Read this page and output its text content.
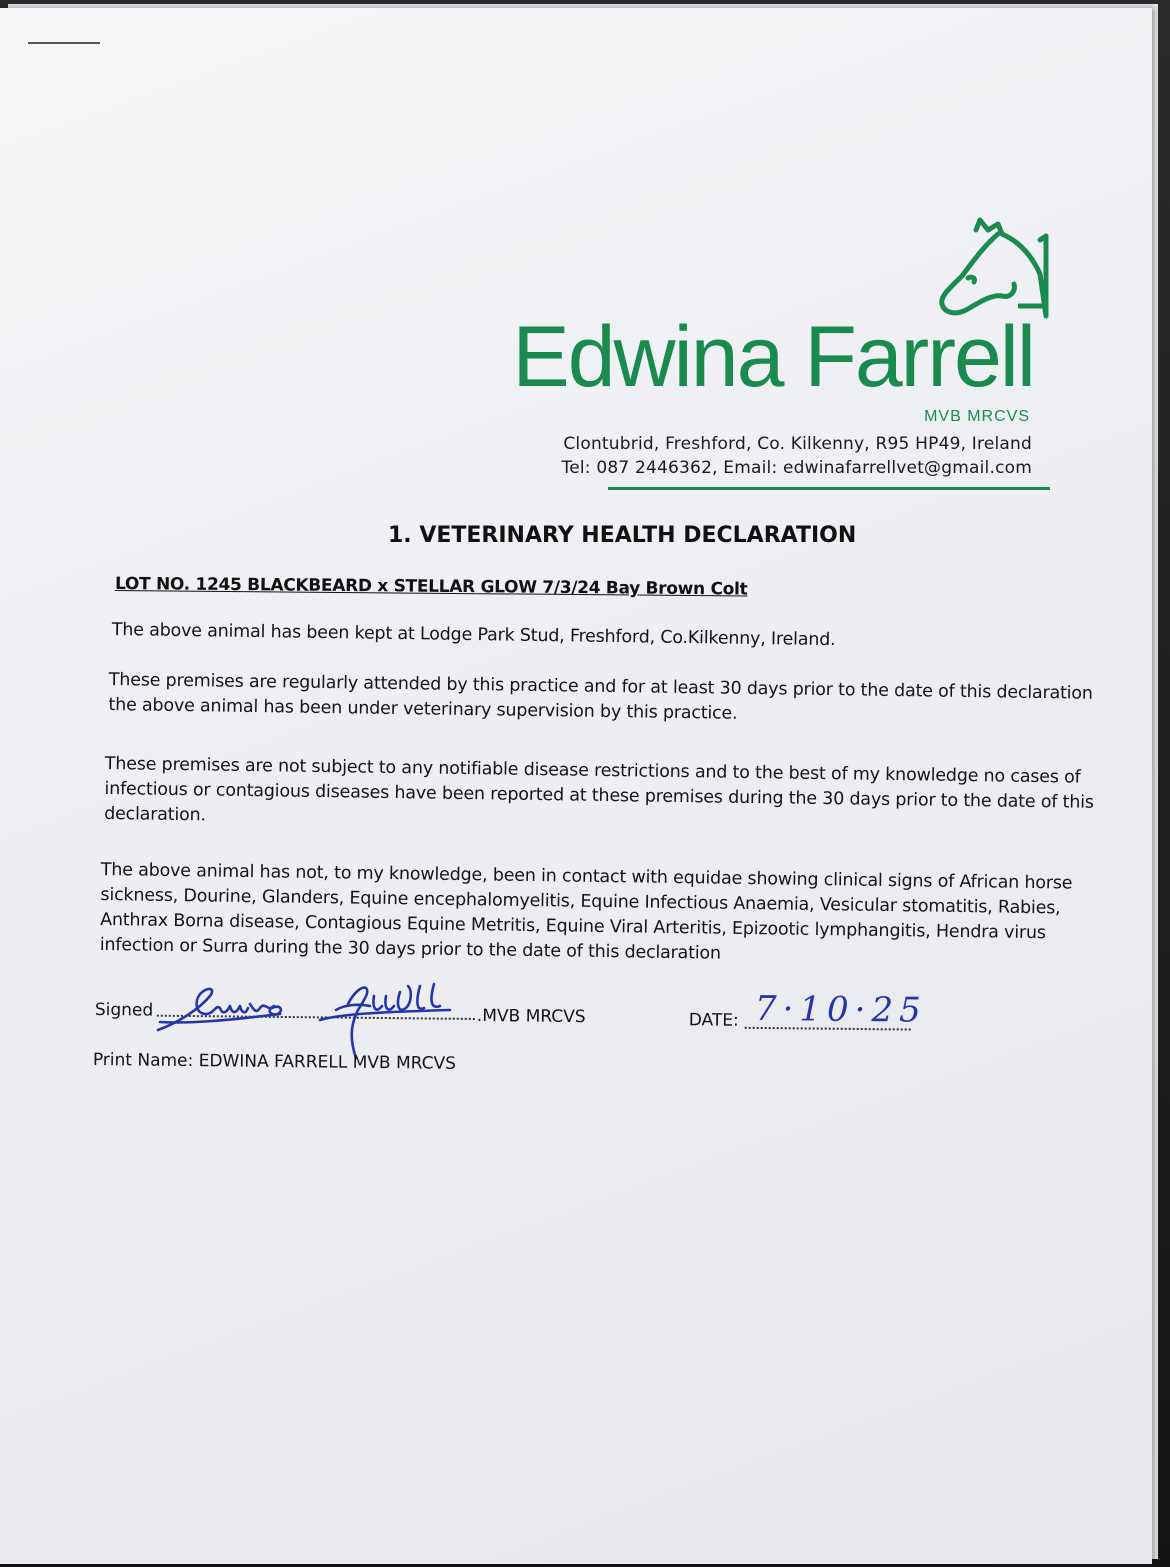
Edwina Farrell
MVB MRCVS
Clontubrid, Freshford, Co. Kilkenny, R95 HP49, Ireland
Tel: 087 2446362, Email: edwinafarrellvet@gmail.com
1. VETERINARY HEALTH DECLARATION
LOT NO. 1245 BLACKBEARD x STELLAR GLOW 7/3/24 Bay Brown Colt
The above animal has been kept at Lodge Park Stud, Freshford, Co.Kilkenny, Ireland.
These premises are regularly attended by this practice and for at least 30 days prior to the date of this declaration the above animal has been under veterinary supervision by this practice.
These premises are not subject to any notifiable disease restrictions and to the best of my knowledge no cases of infectious or contagious diseases have been reported at these premises during the 30 days prior to the date of this declaration.
The above animal has not, to my knowledge, been in contact with equidae showing clinical signs of African horse sickness, Dourine, Glanders, Equine encephalomyelitis, Equine Infectious Anaemia, Vesicular stomatitis, Rabies, Anthrax Borna disease, Contagious Equine Metritis, Equine Viral Arteritis, Epizootic lymphangitis, Hendra virus infection or Surra during the 30 days prior to the date of this declaration
Signed	.MVB MRCVS	DATE: 7·10·25
Print Name: EDWINA FARRELL MVB MRCVS
